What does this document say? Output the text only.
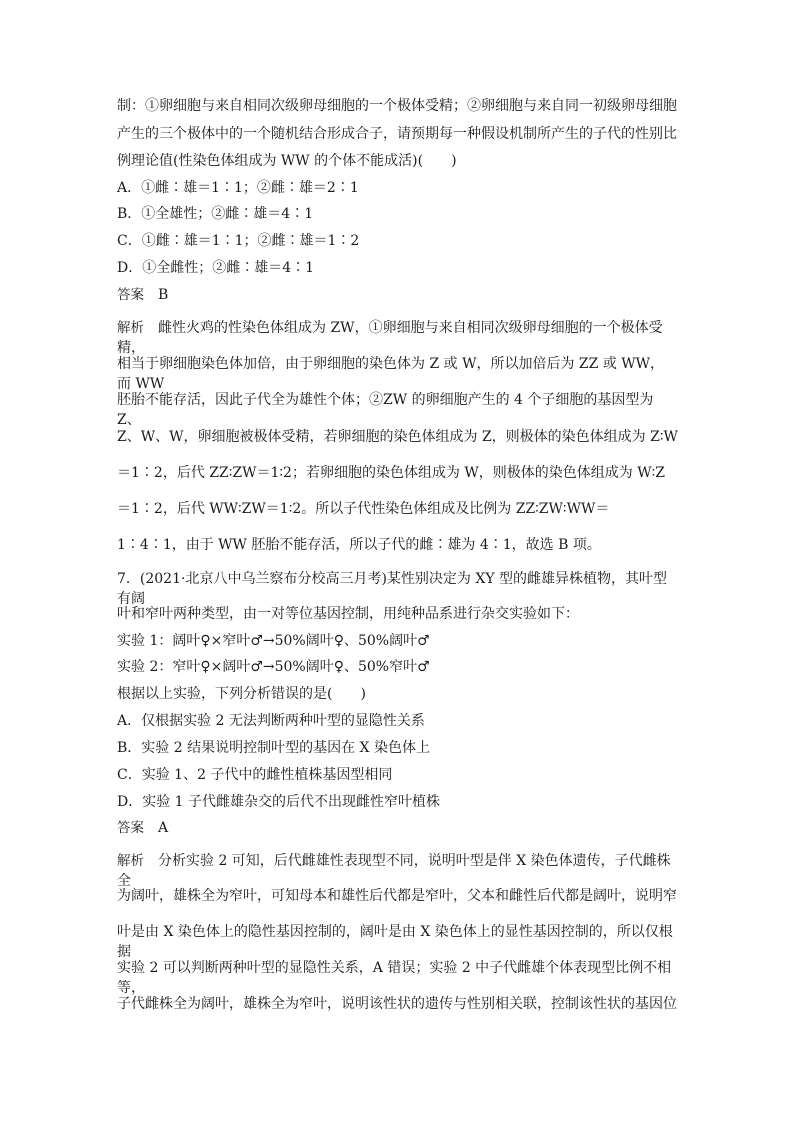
制：①卵细胞与来自相同次级卵母细胞的一个极体受精；②卵细胞与来自同一初级卵母细胞
产生的三个极体中的一个随机结合形成合子，请预期每一种假设机制所产生的子代的性别比
例理论值(性染色体组成为 WW 的个体不能成活)(　　)
A．①雌∶雄＝1∶1；②雌∶雄＝2∶1
B．①全雄性；②雌∶雄＝4∶1
C．①雌∶雄＝1∶1；②雌∶雄＝1∶2
D．①全雌性；②雌∶雄＝4∶1
答案  B
解析  雌性火鸡的性染色体组成为 ZW，①卵细胞与来自相同次级卵母细胞的一个极体受精，
相当于卵细胞染色体加倍，由于卵细胞的染色体为 Z 或 W，所以加倍后为 ZZ 或 WW，而 WW
胚胎不能存活，因此子代全为雄性个体；②ZW 的卵细胞产生的 4 个子细胞的基因型为 Z、
Z、W、W，卵细胞被极体受精，若卵细胞的染色体组成为 Z，则极体的染色体组成为 Z∶W
＝1∶2，后代 ZZ∶ZW＝1∶2；若卵细胞的染色体组成为 W，则极体的染色体组成为 W∶Z
＝1∶2，后代 WW∶ZW＝1∶2。所以子代性染色体组成及比例为 ZZ∶ZW∶WW＝
1∶4∶1，由于 WW 胚胎不能存活，所以子代的雌∶雄为 4∶1，故选 B 项。
7．(2021·北京八中乌兰察布分校高三月考)某性别决定为 XY 型的雌雄异株植物，其叶型有阔
叶和窄叶两种类型，由一对等位基因控制，用纯种品系进行杂交实验如下：
实验 1：阔叶♀×窄叶♂→50%阔叶♀、50%阔叶♂
实验 2：窄叶♀×阔叶♂→50%阔叶♀、50%窄叶♂
根据以上实验，下列分析错误的是(　　)
A．仅根据实验 2 无法判断两种叶型的显隐性关系
B．实验 2 结果说明控制叶型的基因在 X 染色体上
C．实验 1、2 子代中的雌性植株基因型相同
D．实验 1 子代雌雄杂交的后代不出现雌性窄叶植株
答案  A
解析  分析实验 2 可知，后代雌雄性表现型不同，说明叶型是伴 X 染色体遗传，子代雌株全
为阔叶，雄株全为窄叶，可知母本和雄性后代都是窄叶，父本和雌性后代都是阔叶，说明窄
叶是由 X 染色体上的隐性基因控制的，阔叶是由 X 染色体上的显性基因控制的，所以仅根据
实验 2 可以判断两种叶型的显隐性关系，A 错误；实验 2 中子代雌雄个体表现型比例不相等，
子代雌株全为阔叶，雄株全为窄叶，说明该性状的遗传与性别相关联，控制该性状的基因位
